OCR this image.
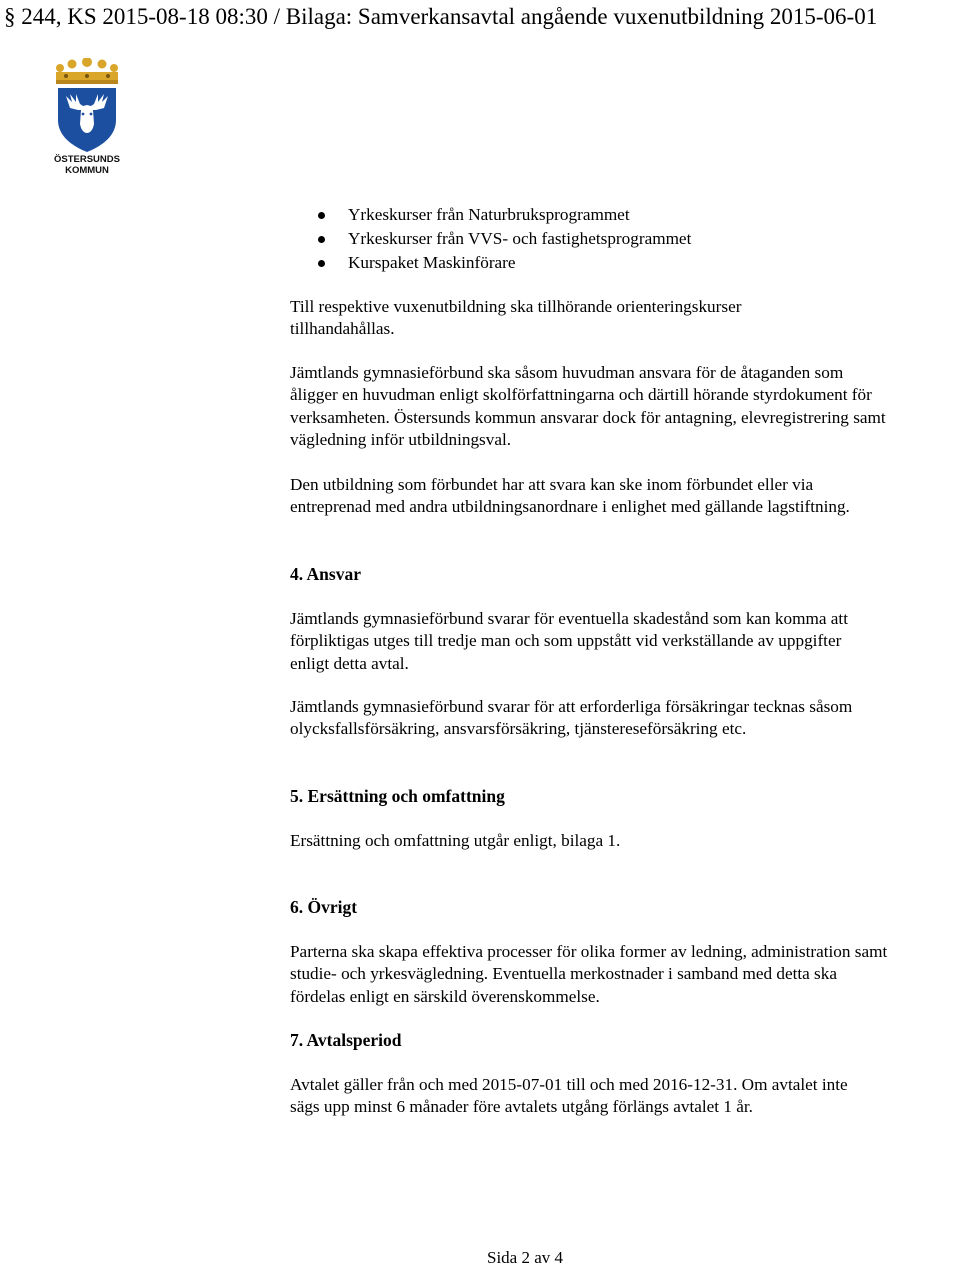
§ 244, KS 2015-08-18 08:30 / Bilaga: Samverkansavtal angående vuxenutbildning 2015-06-01
ÖSTERSUNDS
KOMMUN
Yrkeskurser från Naturbruksprogrammet
Yrkeskurser från VVS- och fastighetsprogrammet
Kurspaket Maskinförare

Till respektive vuxenutbildning ska tillhörande orienteringskurser tillhandahållas.

Jämtlands gymnasieförbund ska såsom huvudman ansvara för de åtaganden som åligger en huvudman enligt skolförfattningarna och därtill hörande styrdokument för verksamheten. Östersunds kommun ansvarar dock för antagning, elevregistrering samt vägledning inför utbildningsval.

Den utbildning som förbundet har att svara kan ske inom förbundet eller via entreprenad med andra utbildningsanordnare i enlighet med gällande lagstiftning.

4. Ansvar

Jämtlands gymnasieförbund svarar för eventuella skadestånd som kan komma att förpliktigas utges till tredje man och som uppstått vid verkställande av uppgifter enligt detta avtal.

Jämtlands gymnasieförbund svarar för att erforderliga försäkringar tecknas såsom olycksfallsförsäkring, ansvarsförsäkring, tjänstereseförsäkring etc.

5. Ersättning och omfattning

Ersättning och omfattning utgår enligt, bilaga 1.

6. Övrigt

Parterna ska skapa effektiva processer för olika former av ledning, administration samt studie- och yrkesvägledning. Eventuella merkostnader i samband med detta ska fördelas enligt en särskild överenskommelse.

7. Avtalsperiod

Avtalet gäller från och med 2015-07-01 till och med 2016-12-31. Om avtalet inte sägs upp minst 6 månader före avtalets utgång förlängs avtalet 1 år.

Sida 2 av 4
